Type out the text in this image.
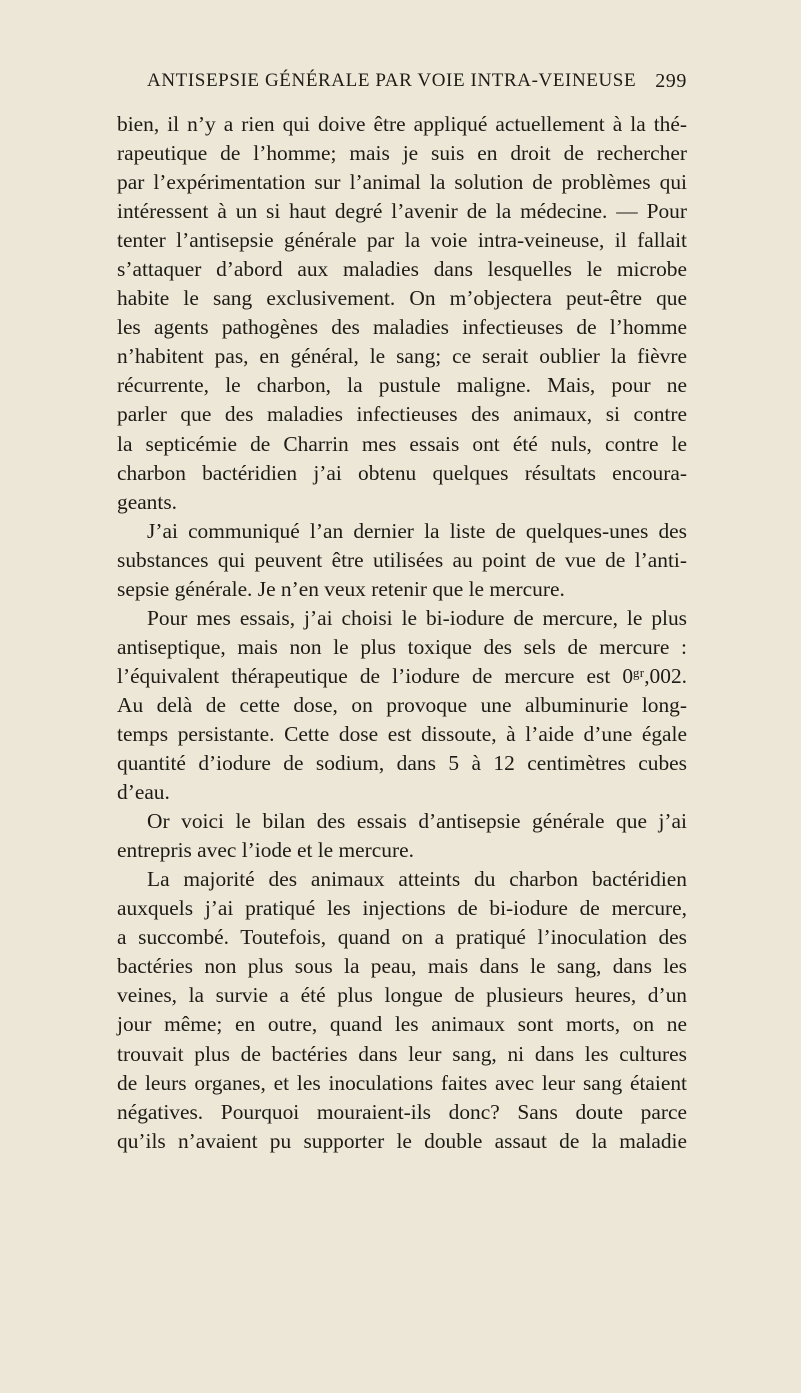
ANTISEPSIE GÉNÉRALE PAR VOIE INTRA-VEINEUSE 299
bien, il n’y a rien qui doive être appliqué actuellement à la thé-
rapeutique de l’homme; mais je suis en droit de rechercher
par l’expérimentation sur l’animal la solution de problèmes qui
intéressent à un si haut degré l’avenir de la médecine. — Pour
tenter l’antisepsie générale par la voie intra-veineuse, il fallait
s’attaquer d’abord aux maladies dans lesquelles le microbe
habite le sang exclusivement. On m’objectera peut-être que
les agents pathogènes des maladies infectieuses de l’homme
n’habitent pas, en général, le sang; ce serait oublier la fièvre
récurrente, le charbon, la pustule maligne. Mais, pour ne
parler que des maladies infectieuses des animaux, si contre
la septicémie de Charrin mes essais ont été nuls, contre le
charbon bactéridien j’ai obtenu quelques résultats encoura-
geants.
J’ai communiqué l’an dernier la liste de quelques-unes des
substances qui peuvent être utilisées au point de vue de l’anti-
sepsie générale. Je n’en veux retenir que le mercure.
Pour mes essais, j’ai choisi le bi-iodure de mercure, le plus
antiseptique, mais non le plus toxique des sels de mercure :
l’équivalent thérapeutique de l’iodure de mercure est 0ᵍʳ,002.
Au delà de cette dose, on provoque une albuminurie long-
temps persistante. Cette dose est dissoute, à l’aide d’une égale
quantité d’iodure de sodium, dans 5 à 12 centimètres cubes
d’eau.
Or voici le bilan des essais d’antisepsie générale que j’ai
entrepris avec l’iode et le mercure.
La majorité des animaux atteints du charbon bactéridien
auxquels j’ai pratiqué les injections de bi-iodure de mercure,
a succombé. Toutefois, quand on a pratiqué l’inoculation des
bactéries non plus sous la peau, mais dans le sang, dans les
veines, la survie a été plus longue de plusieurs heures, d’un
jour même; en outre, quand les animaux sont morts, on ne
trouvait plus de bactéries dans leur sang, ni dans les cultures
de leurs organes, et les inoculations faites avec leur sang étaient
négatives. Pourquoi mouraient-ils donc? Sans doute parce
qu’ils n’avaient pu supporter le double assaut de la maladie
